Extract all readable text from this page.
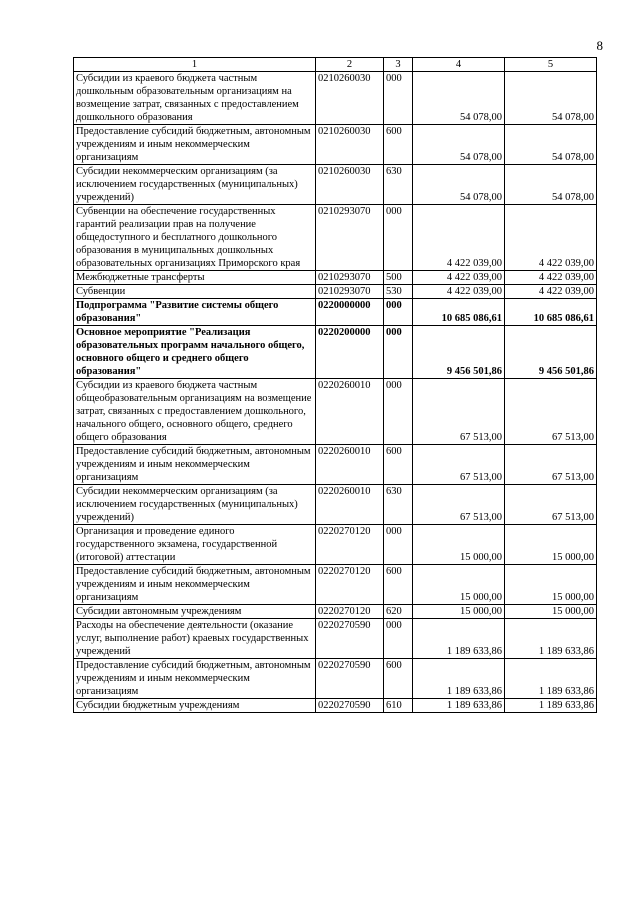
8
1	2	3	4	5
Субсидии из краевого бюджета частным дошкольным образовательным организациям на возмещение затрат, связанных с предоставлением дошкольного образования	0210260030	000	54 078,00	54 078,00
Предоставление субсидий бюджетным, автономным учреждениям и иным некоммерческим организациям	0210260030	600	54 078,00	54 078,00
Субсидии некоммерческим организациям (за исключением государственных (муниципальных) учреждений)	0210260030	630	54 078,00	54 078,00
Субвенции на обеспечение государственных гарантий реализации прав на получение общедоступного и бесплатного дошкольного образования в муниципальных дошкольных образовательных организациях Приморского края	0210293070	000	4 422 039,00	4 422 039,00
Межбюджетные трансферты	0210293070	500	4 422 039,00	4 422 039,00
Субвенции	0210293070	530	4 422 039,00	4 422 039,00
Подпрограмма "Развитие системы общего образования"	0220000000	000	10 685 086,61	10 685 086,61
Основное мероприятие "Реализация образовательных программ начального общего, основного общего и среднего общего образования"	0220200000	000	9 456 501,86	9 456 501,86
Субсидии из краевого бюджета частным общеобразовательным организациям на возмещение затрат, связанных с предоставлением дошкольного, начального общего, основного общего, среднего общего образования	0220260010	000	67 513,00	67 513,00
Предоставление субсидий бюджетным, автономным учреждениям и иным некоммерческим организациям	0220260010	600	67 513,00	67 513,00
Субсидии некоммерческим организациям (за исключением государственных (муниципальных) учреждений)	0220260010	630	67 513,00	67 513,00
Организация и проведение единого государственного экзамена, государственной (итоговой) аттестации	0220270120	000	15 000,00	15 000,00
Предоставление субсидий бюджетным, автономным учреждениям и иным некоммерческим организациям	0220270120	600	15 000,00	15 000,00
Субсидии автономным учреждениям	0220270120	620	15 000,00	15 000,00
Расходы на обеспечение деятельности (оказание услуг, выполнение работ) краевых государственных учреждений	0220270590	000	1 189 633,86	1 189 633,86
Предоставление субсидий бюджетным, автономным учреждениям и иным некоммерческим организациям	0220270590	600	1 189 633,86	1 189 633,86
Субсидии бюджетным учреждениям	0220270590	610	1 189 633,86	1 189 633,86
